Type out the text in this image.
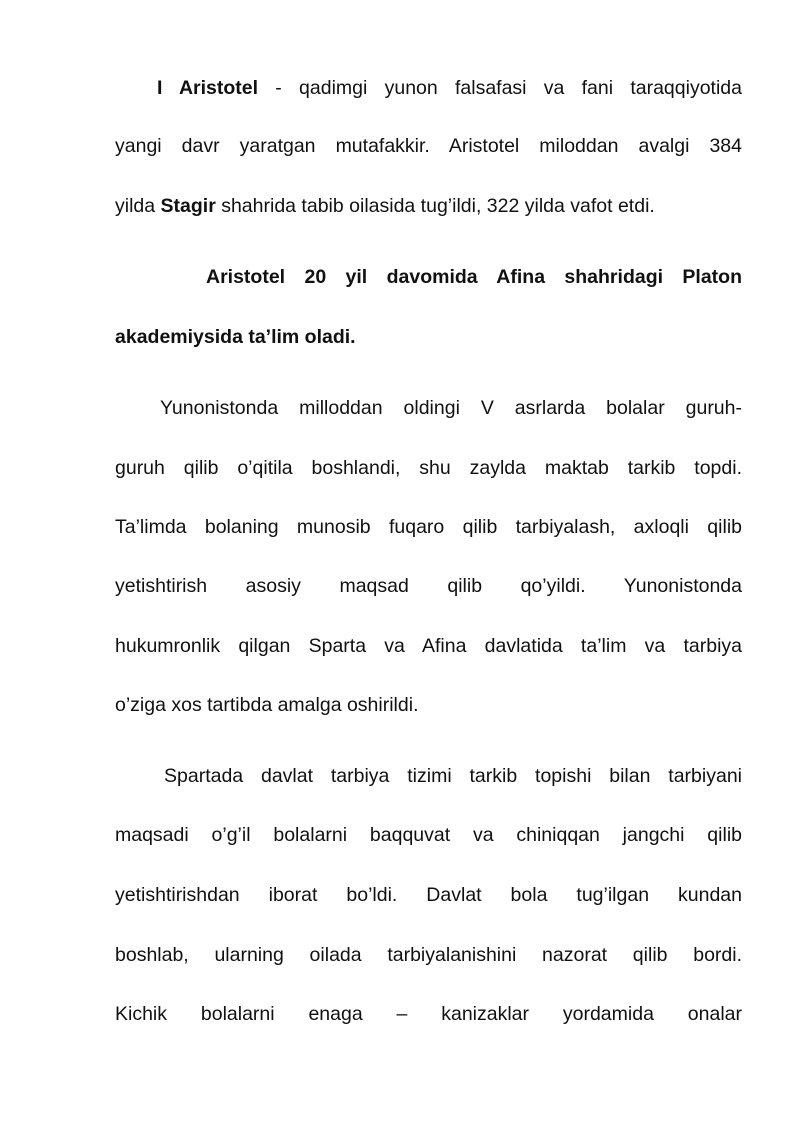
I Aristotel - qadimgi yunon falsafasi va fani taraqqiyotida
yangi davr yaratgan mutafakkir. Aristotel miloddan avalgi 384
yilda Stagir shahrida tabib oilasida tug’ildi, 322 yilda vafot etdi.
Aristotel 20 yil davomida Afina shahridagi Platon
akademiysida ta’lim oladi.
Yunonistonda milloddan oldingi V asrlarda bolalar guruh-
guruh qilib o’qitila boshlandi, shu zaylda maktab tarkib topdi.
Ta’limda bolaning munosib fuqaro qilib tarbiyalash, axloqli qilib
yetishtirish asosiy maqsad qilib qo’yildi. Yunonistonda
hukumronlik qilgan Sparta va Afina davlatida ta’lim va tarbiya
o’ziga xos tartibda amalga oshirildi.
Spartada davlat tarbiya tizimi tarkib topishi bilan tarbiyani
maqsadi o’g’il bolalarni baqquvat va chiniqqan jangchi qilib
yetishtirishdan iborat bo’ldi. Davlat bola tug’ilgan kundan
boshlab, ularning oilada tarbiyalanishini nazorat qilib bordi.
Kichik bolalarni enaga – kanizaklar yordamida onalar
